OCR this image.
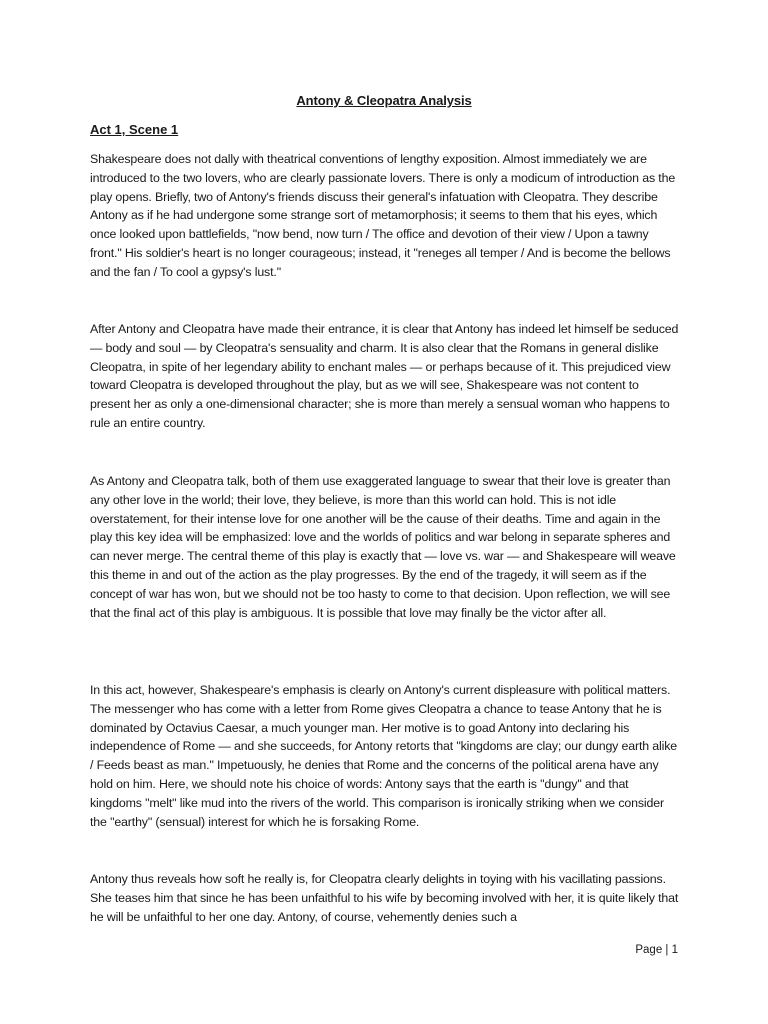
Antony & Cleopatra Analysis
Act 1, Scene 1

Shakespeare does not dally with theatrical conventions of lengthy exposition. Almost immediately we are introduced to the two lovers, who are clearly passionate lovers. There is only a modicum of introduction as the play opens. Briefly, two of Antony's friends discuss their general's infatuation with Cleopatra. They describe Antony as if he had undergone some strange sort of metamorphosis; it seems to them that his eyes, which once looked upon battlefields, "now bend, now turn / The office and devotion of their view / Upon a tawny front." His soldier's heart is no longer courageous; instead, it "reneges all temper / And is become the bellows and the fan / To cool a gypsy's lust."

After Antony and Cleopatra have made their entrance, it is clear that Antony has indeed let himself be seduced — body and soul — by Cleopatra's sensuality and charm. It is also clear that the Romans in general dislike Cleopatra, in spite of her legendary ability to enchant males — or perhaps because of it. This prejudiced view toward Cleopatra is developed throughout the play, but as we will see, Shakespeare was not content to present her as only a one-dimensional character; she is more than merely a sensual woman who happens to rule an entire country.

As Antony and Cleopatra talk, both of them use exaggerated language to swear that their love is greater than any other love in the world; their love, they believe, is more than this world can hold. This is not idle overstatement, for their intense love for one another will be the cause of their deaths. Time and again in the play this key idea will be emphasized: love and the worlds of politics and war belong in separate spheres and can never merge. The central theme of this play is exactly that — love vs. war — and Shakespeare will weave this theme in and out of the action as the play progresses. By the end of the tragedy, it will seem as if the concept of war has won, but we should not be too hasty to come to that decision. Upon reflection, we will see that the final act of this play is ambiguous. It is possible that love may finally be the victor after all.

In this act, however, Shakespeare's emphasis is clearly on Antony's current displeasure with political matters. The messenger who has come with a letter from Rome gives Cleopatra a chance to tease Antony that he is dominated by Octavius Caesar, a much younger man. Her motive is to goad Antony into declaring his independence of Rome — and she succeeds, for Antony retorts that "kingdoms are clay; our dungy earth alike / Feeds beast as man." Impetuously, he denies that Rome and the concerns of the political arena have any hold on him. Here, we should note his choice of words: Antony says that the earth is "dungy" and that kingdoms "melt" like mud into the rivers of the world. This comparison is ironically striking when we consider the "earthy" (sensual) interest for which he is forsaking Rome.

Antony thus reveals how soft he really is, for Cleopatra clearly delights in toying with his vacillating passions. She teases him that since he has been unfaithful to his wife by becoming involved with her, it is quite likely that he will be unfaithful to her one day. Antony, of course, vehemently denies such a

Page | 1
